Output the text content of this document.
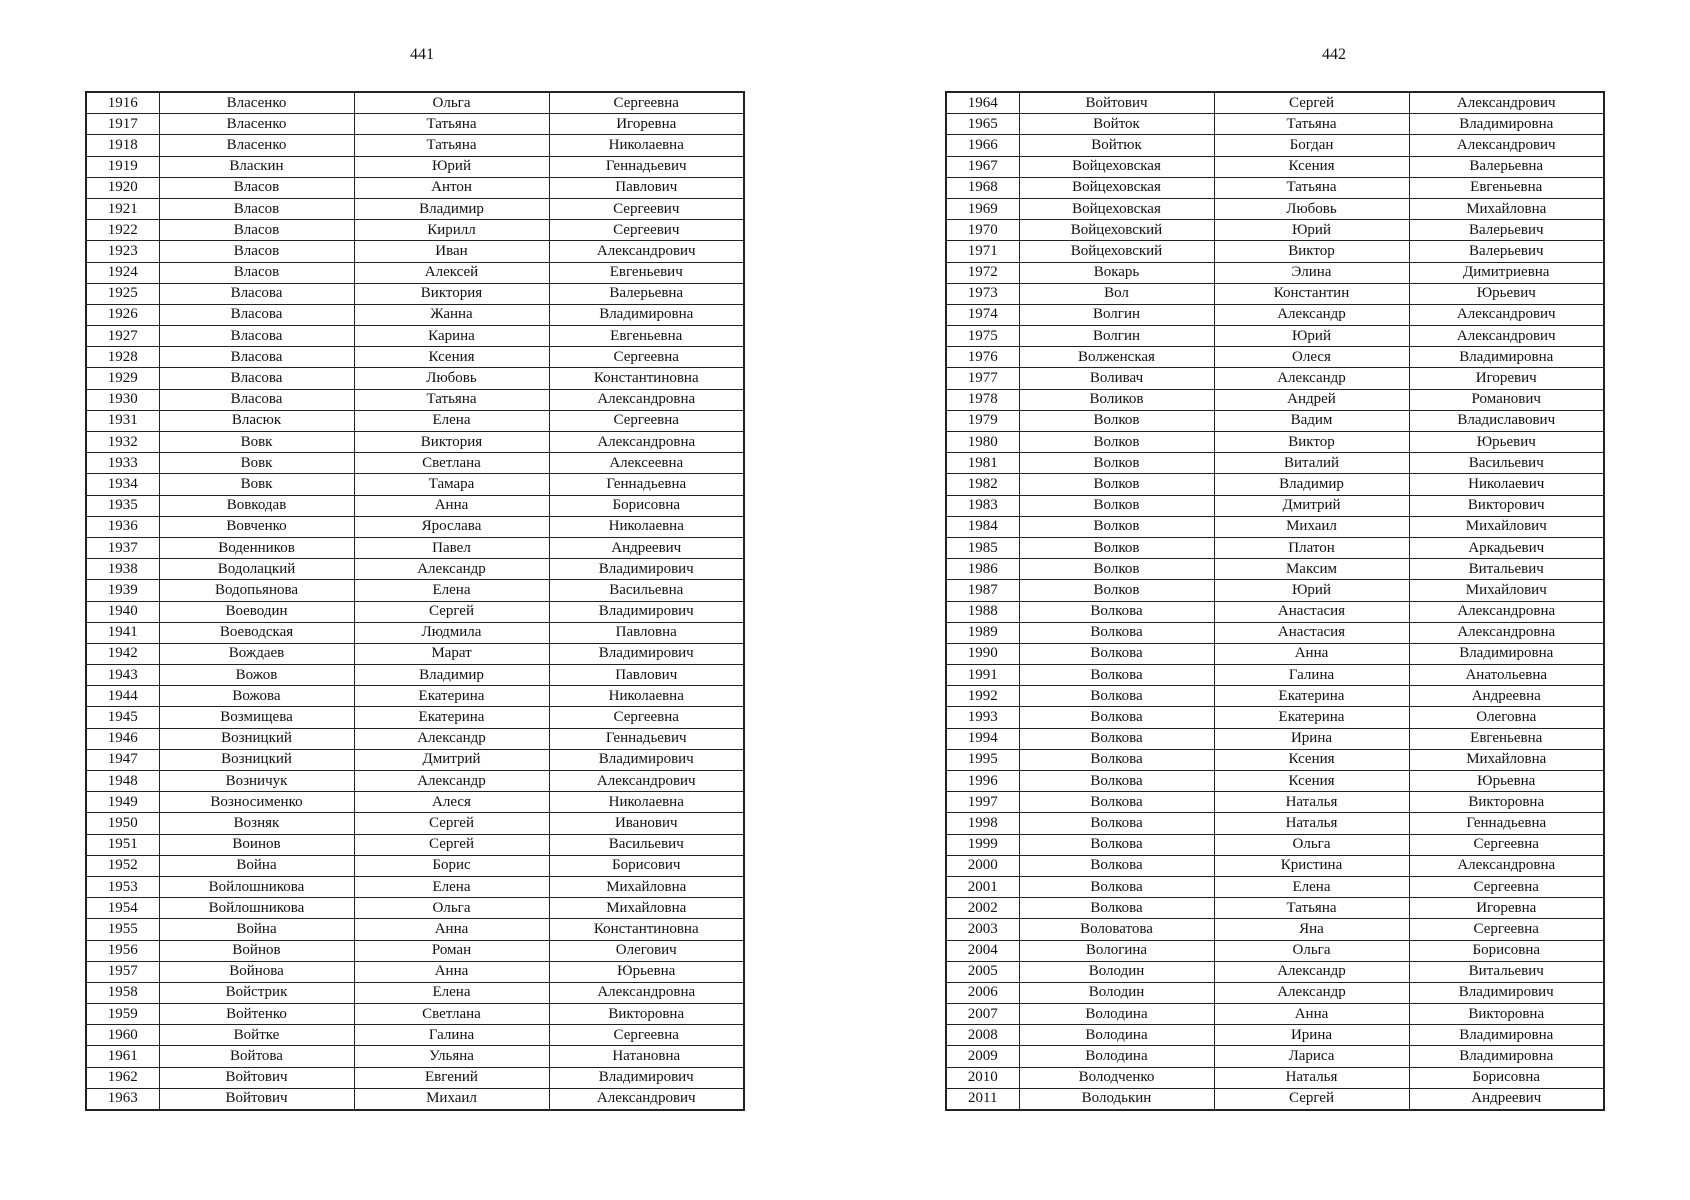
441
1916	Власенко	Ольга	Сергеевна
1917	Власенко	Татьяна	Игоревна
1918	Власенко	Татьяна	Николаевна
1919	Власкин	Юрий	Геннадьевич
1920	Власов	Антон	Павлович
1921	Власов	Владимир	Сергеевич
1922	Власов	Кирилл	Сергеевич
1923	Власов	Иван	Александрович
1924	Власов	Алексей	Евгеньевич
1925	Власова	Виктория	Валерьевна
1926	Власова	Жанна	Владимировна
1927	Власова	Карина	Евгеньевна
1928	Власова	Ксения	Сергеевна
1929	Власова	Любовь	Константиновна
1930	Власова	Татьяна	Александровна
1931	Власюк	Елена	Сергеевна
1932	Вовк	Виктория	Александровна
1933	Вовк	Светлана	Алексеевна
1934	Вовк	Тамара	Геннадьевна
1935	Вовкодав	Анна	Борисовна
1936	Вовченко	Ярослава	Николаевна
1937	Воденников	Павел	Андреевич
1938	Водолацкий	Александр	Владимирович
1939	Водопьянова	Елена	Васильевна
1940	Воеводин	Сергей	Владимирович
1941	Воеводская	Людмила	Павловна
1942	Вождаев	Марат	Владимирович
1943	Вожов	Владимир	Павлович
1944	Вожова	Екатерина	Николаевна
1945	Возмищева	Екатерина	Сергеевна
1946	Возницкий	Александр	Геннадьевич
1947	Возницкий	Дмитрий	Владимирович
1948	Возничук	Александр	Александрович
1949	Возносименко	Алеся	Николаевна
1950	Возняк	Сергей	Иванович
1951	Воинов	Сергей	Васильевич
1952	Война	Борис	Борисович
1953	Войлошникова	Елена	Михайловна
1954	Войлошникова	Ольга	Михайловна
1955	Война	Анна	Константиновна
1956	Войнов	Роман	Олегович
1957	Войнова	Анна	Юрьевна
1958	Войстрик	Елена	Александровна
1959	Войтенко	Светлана	Викторовна
1960	Войтке	Галина	Сергеевна
1961	Войтова	Ульяна	Натановна
1962	Войтович	Евгений	Владимирович
1963	Войтович	Михаил	Александрович
442
1964	Войтович	Сергей	Александрович
1965	Войток	Татьяна	Владимировна
1966	Войтюк	Богдан	Александрович
1967	Войцеховская	Ксения	Валерьевна
1968	Войцеховская	Татьяна	Евгеньевна
1969	Войцеховская	Любовь	Михайловна
1970	Войцеховский	Юрий	Валерьевич
1971	Войцеховский	Виктор	Валерьевич
1972	Вокарь	Элина	Димитриевна
1973	Вол	Константин	Юрьевич
1974	Волгин	Александр	Александрович
1975	Волгин	Юрий	Александрович
1976	Волженская	Олеся	Владимировна
1977	Воливач	Александр	Игоревич
1978	Воликов	Андрей	Романович
1979	Волков	Вадим	Владиславович
1980	Волков	Виктор	Юрьевич
1981	Волков	Виталий	Васильевич
1982	Волков	Владимир	Николаевич
1983	Волков	Дмитрий	Викторович
1984	Волков	Михаил	Михайлович
1985	Волков	Платон	Аркадьевич
1986	Волков	Максим	Витальевич
1987	Волков	Юрий	Михайлович
1988	Волкова	Анастасия	Александровна
1989	Волкова	Анастасия	Александровна
1990	Волкова	Анна	Владимировна
1991	Волкова	Галина	Анатольевна
1992	Волкова	Екатерина	Андреевна
1993	Волкова	Екатерина	Олеговна
1994	Волкова	Ирина	Евгеньевна
1995	Волкова	Ксения	Михайловна
1996	Волкова	Ксения	Юрьевна
1997	Волкова	Наталья	Викторовна
1998	Волкова	Наталья	Геннадьевна
1999	Волкова	Ольга	Сергеевна
2000	Волкова	Кристина	Александровна
2001	Волкова	Елена	Сергеевна
2002	Волкова	Татьяна	Игоревна
2003	Воловатова	Яна	Сергеевна
2004	Вологина	Ольга	Борисовна
2005	Володин	Александр	Витальевич
2006	Володин	Александр	Владимирович
2007	Володина	Анна	Викторовна
2008	Володина	Ирина	Владимировна
2009	Володина	Лариса	Владимировна
2010	Володченко	Наталья	Борисовна
2011	Володькин	Сергей	Андреевич
